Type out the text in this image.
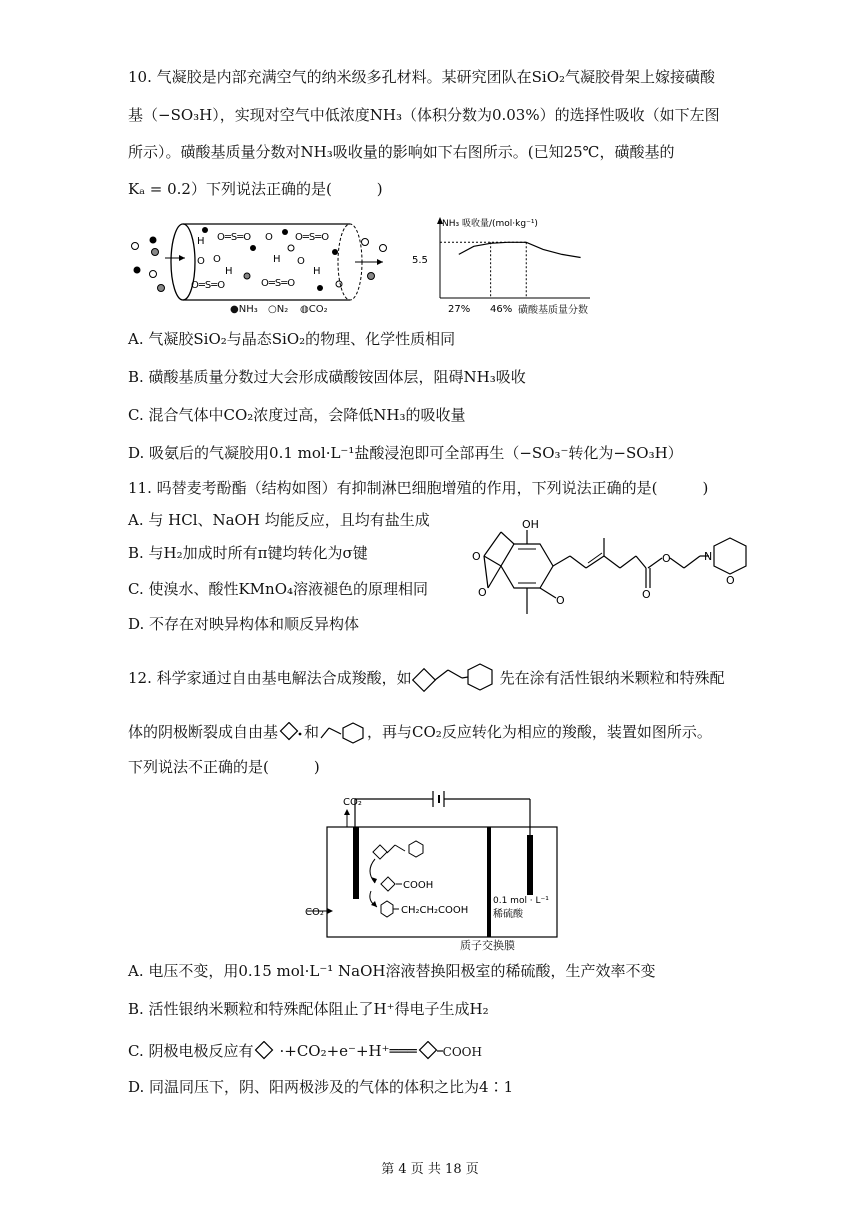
10. 气凝胶是内部充满空气的纳米级多孔材料。某研究团队在SiO₂气凝胶骨架上嫁接磺酸
基（−SO₃H），实现对空气中低浓度NH₃（体积分数为0.03%）的选择性吸收（如下左图
所示）。磺酸基质量分数对NH₃吸收量的影响如下右图所示。(已知25℃，磺酸基的
Kₐ = 0.2）下列说法正确的是(　　　)
H
O
O═S═O
O
H
O═S═O
O
H
O═S═O
O═S═O
O
H
●NH₃ ○N₂ ◍CO₂
5.5
27% 46%
NH₃ 吸收量/(mol·kg⁻¹)
磺酸基质量分数
A. 气凝胶SiO₂与晶态SiO₂的物理、化学性质相同
B. 磺酸基质量分数过大会形成磺酸铵固体层，阻碍NH₃吸收
C. 混合气体中CO₂浓度过高，会降低NH₃的吸收量
D. 吸氨后的气凝胶用0.1 mol·L⁻¹盐酸浸泡即可全部再生（−SO₃⁻转化为−SO₃H）
11. 吗替麦考酚酯（结构如图）有抑制淋巴细胞增殖的作用，下列说法正确的是(　　　)
A. 与 HCl、NaOH 均能反应，且均有盐生成
B. 与H₂加成时所有π键均转化为σ键
C. 使溴水、酸性KMnO₄溶液褪色的原理相同
D. 不存在对映异构体和顺反异构体
OH
O
O
O
O
O
N
O
12. 科学家通过自由基电解法合成羧酸，如	先在涂有活性银纳米颗粒和特殊配
体的阴极断裂成自由基 和	，再与CO₂反应转化为相应的羧酸，装置如图所示。
下列说法不正确的是(　　　)
CO₂
CO₂
COOH
CH₂CH₂COOH
0.1 mol · L⁻¹
稀硫酸
质子交换膜
A. 电压不变，用0.15 mol·L⁻¹ NaOH溶液替换阳极室的稀硫酸，生产效率不变
B. 活性银纳米颗粒和特殊配体阻止了H⁺得电子生成H₂
C. 阴极电极反应有 ·+CO₂+e⁻+H⁺═══ COOH
D. 同温同压下，阴、阳两极涉及的气体的体积之比为4∶1
第 4 页 共 18 页
